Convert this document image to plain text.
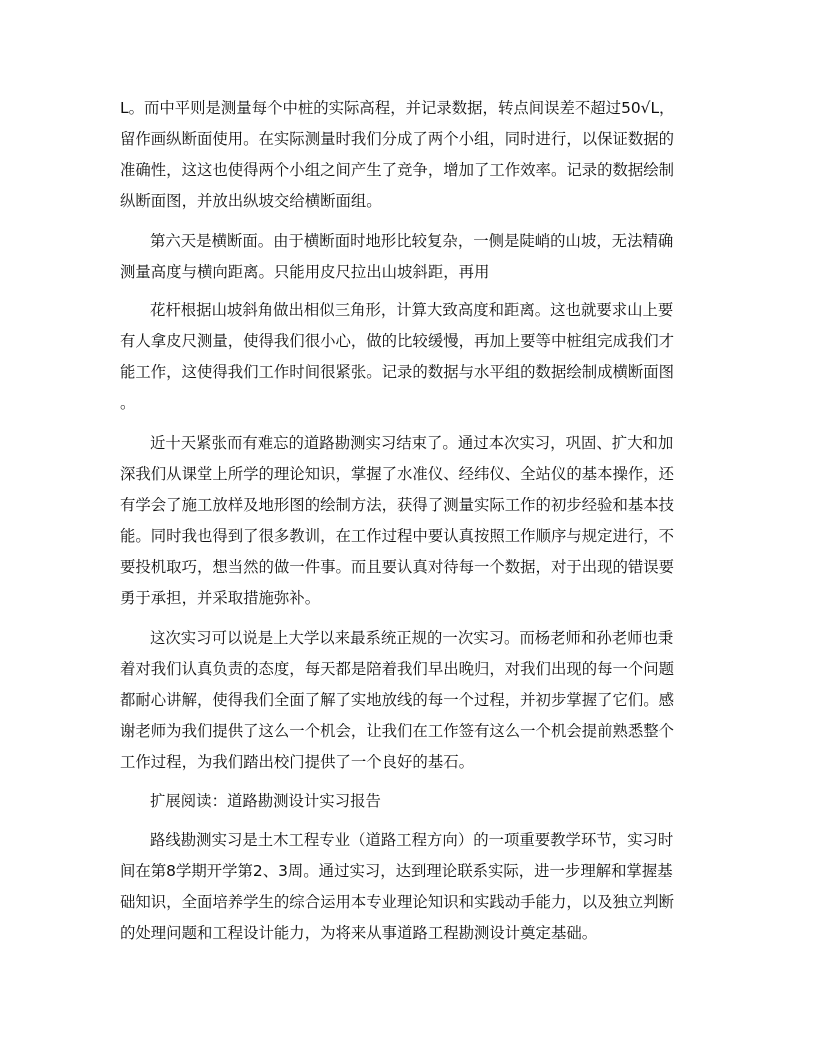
L。而中平则是测量每个中桩的实际高程，并记录数据，转点间误差不超过50√L，
留作画纵断面使用。在实际测量时我们分成了两个小组，同时进行，以保证数据的
准确性，这这也使得两个小组之间产生了竞争，增加了工作效率。记录的数据绘制
纵断面图，并放出纵坡交给横断面组。
第六天是横断面。由于横断面时地形比较复杂，一侧是陡峭的山坡，无法精确
测量高度与横向距离。只能用皮尺拉出山坡斜距，再用
花杆根据山坡斜角做出相似三角形，计算大致高度和距离。这也就要求山上要
有人拿皮尺测量，使得我们很小心，做的比较缓慢，再加上要等中桩组完成我们才
能工作，这使得我们工作时间很紧张。记录的数据与水平组的数据绘制成横断面图
。
近十天紧张而有难忘的道路勘测实习结束了。通过本次实习，巩固、扩大和加
深我们从课堂上所学的理论知识，掌握了水准仪、经纬仪、全站仪的基本操作，还
有学会了施工放样及地形图的绘制方法，获得了测量实际工作的初步经验和基本技
能。同时我也得到了很多教训，在工作过程中要认真按照工作顺序与规定进行，不
要投机取巧，想当然的做一件事。而且要认真对待每一个数据，对于出现的错误要
勇于承担，并采取措施弥补。
这次实习可以说是上大学以来最系统正规的一次实习。而杨老师和孙老师也秉
着对我们认真负责的态度，每天都是陪着我们早出晚归，对我们出现的每一个问题
都耐心讲解，使得我们全面了解了实地放线的每一个过程，并初步掌握了它们。感
谢老师为我们提供了这么一个机会，让我们在工作签有这么一个机会提前熟悉整个
工作过程，为我们踏出校门提供了一个良好的基石。
扩展阅读：道路勘测设计实习报告
路线勘测实习是土木工程专业（道路工程方向）的一项重要教学环节，实习时
间在第8学期开学第2、3周。通过实习，达到理论联系实际，进一步理解和掌握基
础知识，全面培养学生的综合运用本专业理论知识和实践动手能力，以及独立判断
的处理问题和工程设计能力，为将来从事道路工程勘测设计奠定基础。
